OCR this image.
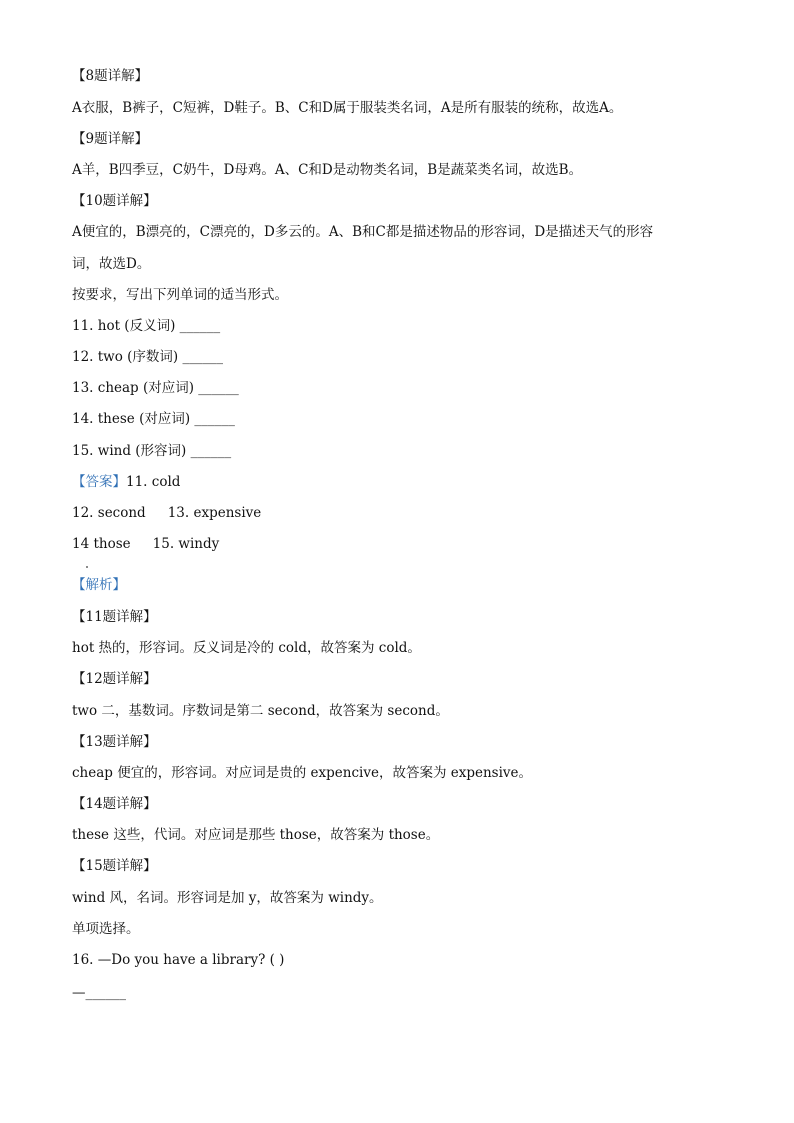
【8题详解】
A衣服，B裤子，C短裤，D鞋子。B、C和D属于服装类名词，A是所有服装的统称，故选A。
【9题详解】
A羊，B四季豆，C奶牛，D母鸡。A、C和D是动物类名词，B是蔬菜类名词，故选B。
【10题详解】
A便宜的，B漂亮的，C漂亮的，D多云的。A、B和C都是描述物品的形容词，D是描述天气的形容
词，故选D。
按要求，写出下列单词的适当形式。
11. hot (反义词) ______
12. two (序数词) ______
13. cheap (对应词) ______
14. these (对应词) ______
15. wind (形容词) ______
【答案】11. cold
12. second 13. expensive
14 those 15. windy
【解析】
【11题详解】
hot 热的，形容词。反义词是冷的 cold，故答案为 cold。
【12题详解】
two 二，基数词。序数词是第二 second，故答案为 second。
【13题详解】
cheap 便宜的，形容词。对应词是贵的 expencive，故答案为 expensive。
【14题详解】
these 这些，代词。对应词是那些 those，故答案为 those。
【15题详解】
wind 风，名词。形容词是加 y，故答案为 windy。
单项选择。
16. —Do you have a library? ( )
—______
